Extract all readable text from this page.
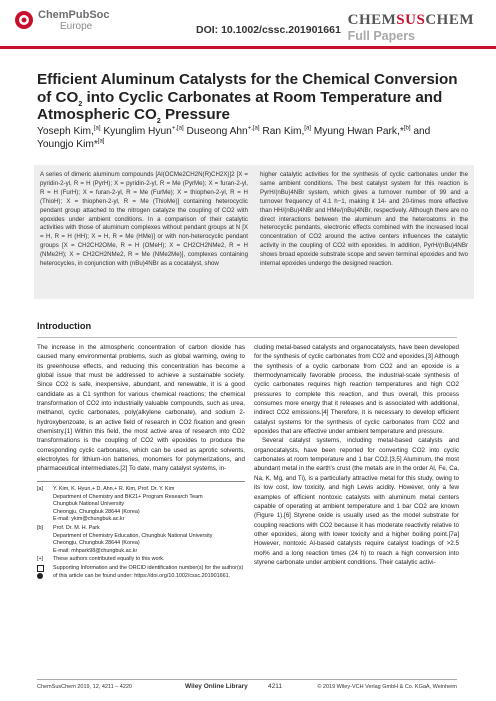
ChemPubSoc
Europe	DOI: 10.1002/cssc.201901661
CHEMSUSCHEM
Full Papers
Efficient Aluminum Catalysts for the Chemical Conversion
of $CO_2$ into Cyclic Carbonates at Room Temperature and
Atmospheric $CO_2$ Pressure
Yoseph Kim,[a] Kyunglim Hyun$^{+,[a]}$ Duseong Ahn$^{+,[a]}$ Ran Kim,[a] Myung Hwan Park,*[b] and Youngjo Kim*[a]
A series of dimeric aluminum compounds [Al(OCMe2CH2N(R)CH2X)]2 [X = pyridin-2-yl, R = H (PyrH); X = pyridin-2-yl, R = Me (PyrMe); X = furan-2-yl, R = H (FurH); X = furan-2-yl, R = Me (FurMe); X = thiophen-2-yl, R = H (ThioH); X = thiophen-2-yl, R = Me (ThioMe)] containing heterocyclic pendant group attached to the nitrogen catalyze the coupling of CO2 with epoxides under ambient conditions. In a comparison of their catalytic activities with those of aluminum complexes without pendant groups at N [X = H, R = H (HH); X = H, R = Me (HMe)] or with non-heterocyclic pendant groups [X = CH2CH2OMe, R = H (OMeH); X = CH2CH2NMe2, R = H (NMe2H); X = CH2CH2NMe2, R = Me (NMe2Me)], complexes containing heterocycles, in conjunction with (nBu)4NBr as a cocatalyst, show
higher catalytic activities for the synthesis of cyclic carbonates under the same ambient conditions. The best catalyst system for this reaction is PyrH/(nBu)4NBr system, which gives a turnover number of 99 and a turnover frequency of 4.1 h−1, making it 14- and 20-times more effective than HH/(nBu)4NBr and HMe/(nBu)4NBr, respectively. Although there are no direct interactions between the aluminum and the heteroatoms in the heterocyclic pendants, electronic effects combined with the increased local concentration of CO2 around the active centers influences the catalytic activity in the coupling of CO2 with epoxides. In addition, PyrH/(nBu)4NBr shows broad epoxide substrate scope and seven terminal epoxides and two internal epoxides undergo the designed reaction.
Introduction

The increase in the atmospheric concentration of carbon dioxide has caused many environmental problems, such as global warming, owing to its greenhouse effects, and reducing this concentration has become a global issue that must be addressed to achieve a sustainable society. Since CO2 is safe, inexpensive, abundant, and renewable, it is a good candidate as a C1 synthon for various chemical reactions; the chemical transformation of CO2 into industrially valuable compounds, such as urea, methanol, cyclic carbonates, poly(alkylene carbonate), and sodium 2-hydroxybenzoate, is an active field of research in CO2 fixation and green chemistry.[1] Within this field, the most active area of research into CO2 transformations is the coupling of CO2 with epoxides to produce the corresponding cyclic carbonates, which can be used as aprotic solvents, electrolytes for lithium-ion batteries, monomers for polymerizations, and pharmaceutical intermediates.[2] To date, many catalyst systems, in-

cluding metal-based catalysts and organocatalysts, have been developed for the synthesis of cyclic carbonates from CO2 and epoxides.[3] Although the synthesis of a cyclic carbonate from CO2 and an epoxide is a thermodynamically favorable process, the industrial-scale synthesis of cyclic carbonates requires high reaction temperatures and high CO2 pressures to complete this reaction, and thus overall, this process consumes more energy that it releases and is associated with additional, indirect CO2 emissions.[4] Therefore, it is necessary to develop efficient catalyst systems for the synthesis of cyclic carbonates from CO2 and epoxides that are effective under ambient temperature and pressure.

Several catalyst systems, including metal-based catalysts and organocatalysts, have been reported for converting CO2 into cyclic carbonates at room temperature and 1 bar CO2.[3,5] Aluminum, the most abundant metal in the earth's crust (the metals are in the order Al, Fe, Ca, Na, K, Mg, and Ti), is a particularly attractive metal for this study, owing to its low cost, low toxicity, and high Lewis acidity. However, only a few examples of efficient nontoxic catalysts with aluminum metal centers capable of operating at ambient temperature and 1 bar CO2 are known (Figure 1).[6] Styrene oxide is usually used as the model substrate for coupling reactions with CO2 because it has moderate reactivity relative to other epoxides, along with lower toxicity and a higher boiling point.[7a] However, nontoxic Al-based catalysts require catalyst loadings of >2.5 mol% and a long reaction times (24 h) to reach a high conversion into styrene carbonate under ambient conditions. Their catalytic activi-

[a]	Y. Kim, K. Hyun,+ D. Ahn,+ R. Kim, Prof. Dr. Y. Kim
Department of Chemistry and BK21+ Program Research Team
Chungbuk National University
Cheongju, Chungbuk 28644 (Korea)
E-mail: ykim@chungbuk.ac.kr
[b]	Prof. Dr. M. H. Park
Department of Chemistry Education, Chungbuk National University
Cheongju, Chungbuk 28644 (Korea)
E-mail: mhpark98@chungbuk.ac.kr
[+]	These authors contributed equally to this work.

Supporting Information and the ORCID identification number(s) for the author(s) of this article can be found under: https://doi.org/10.1002/cssc.201901661.
ChemSusChem 2019, 12, 4211 – 4220	Wiley Online Library	4211	© 2019 Wiley-VCH Verlag GmbH & Co. KGaA, Weinheim
